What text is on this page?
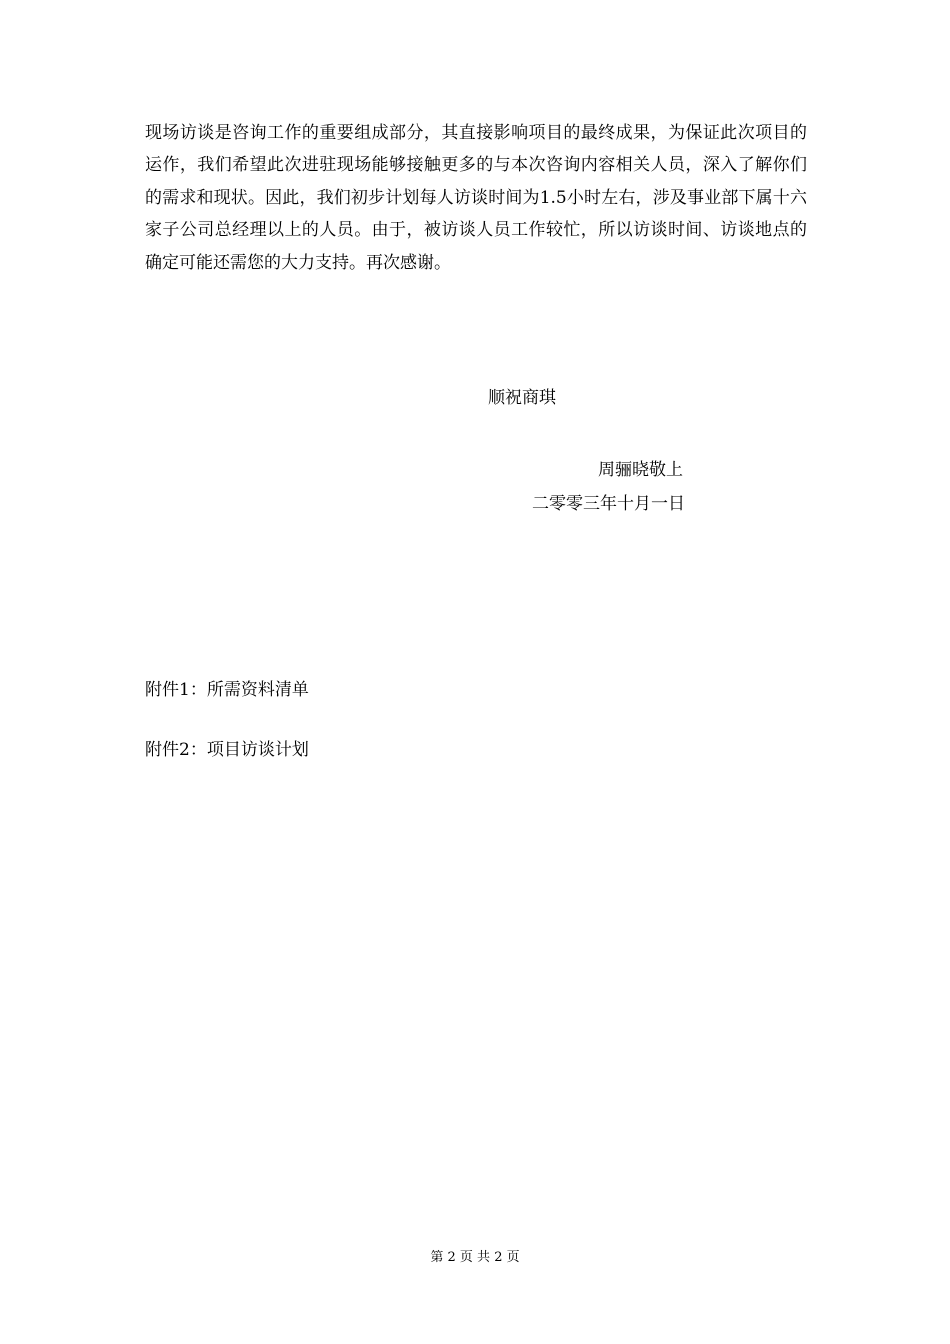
现场访谈是咨询工作的重要组成部分，其直接影响项目的最终成果，为保证此次项目的运作，我们希望此次进驻现场能够接触更多的与本次咨询内容相关人员，深入了解你们的需求和现状。因此，我们初步计划每人访谈时间为1.5小时左右，涉及事业部下属十六家子公司总经理以上的人员。由于，被访谈人员工作较忙，所以访谈时间、访谈地点的确定可能还需您的大力支持。再次感谢。

顺祝商琪

周骊晓敬上

二零零三年十月一日

附件1：所需资料清单

附件2：项目访谈计划

第 2 页 共 2 页
